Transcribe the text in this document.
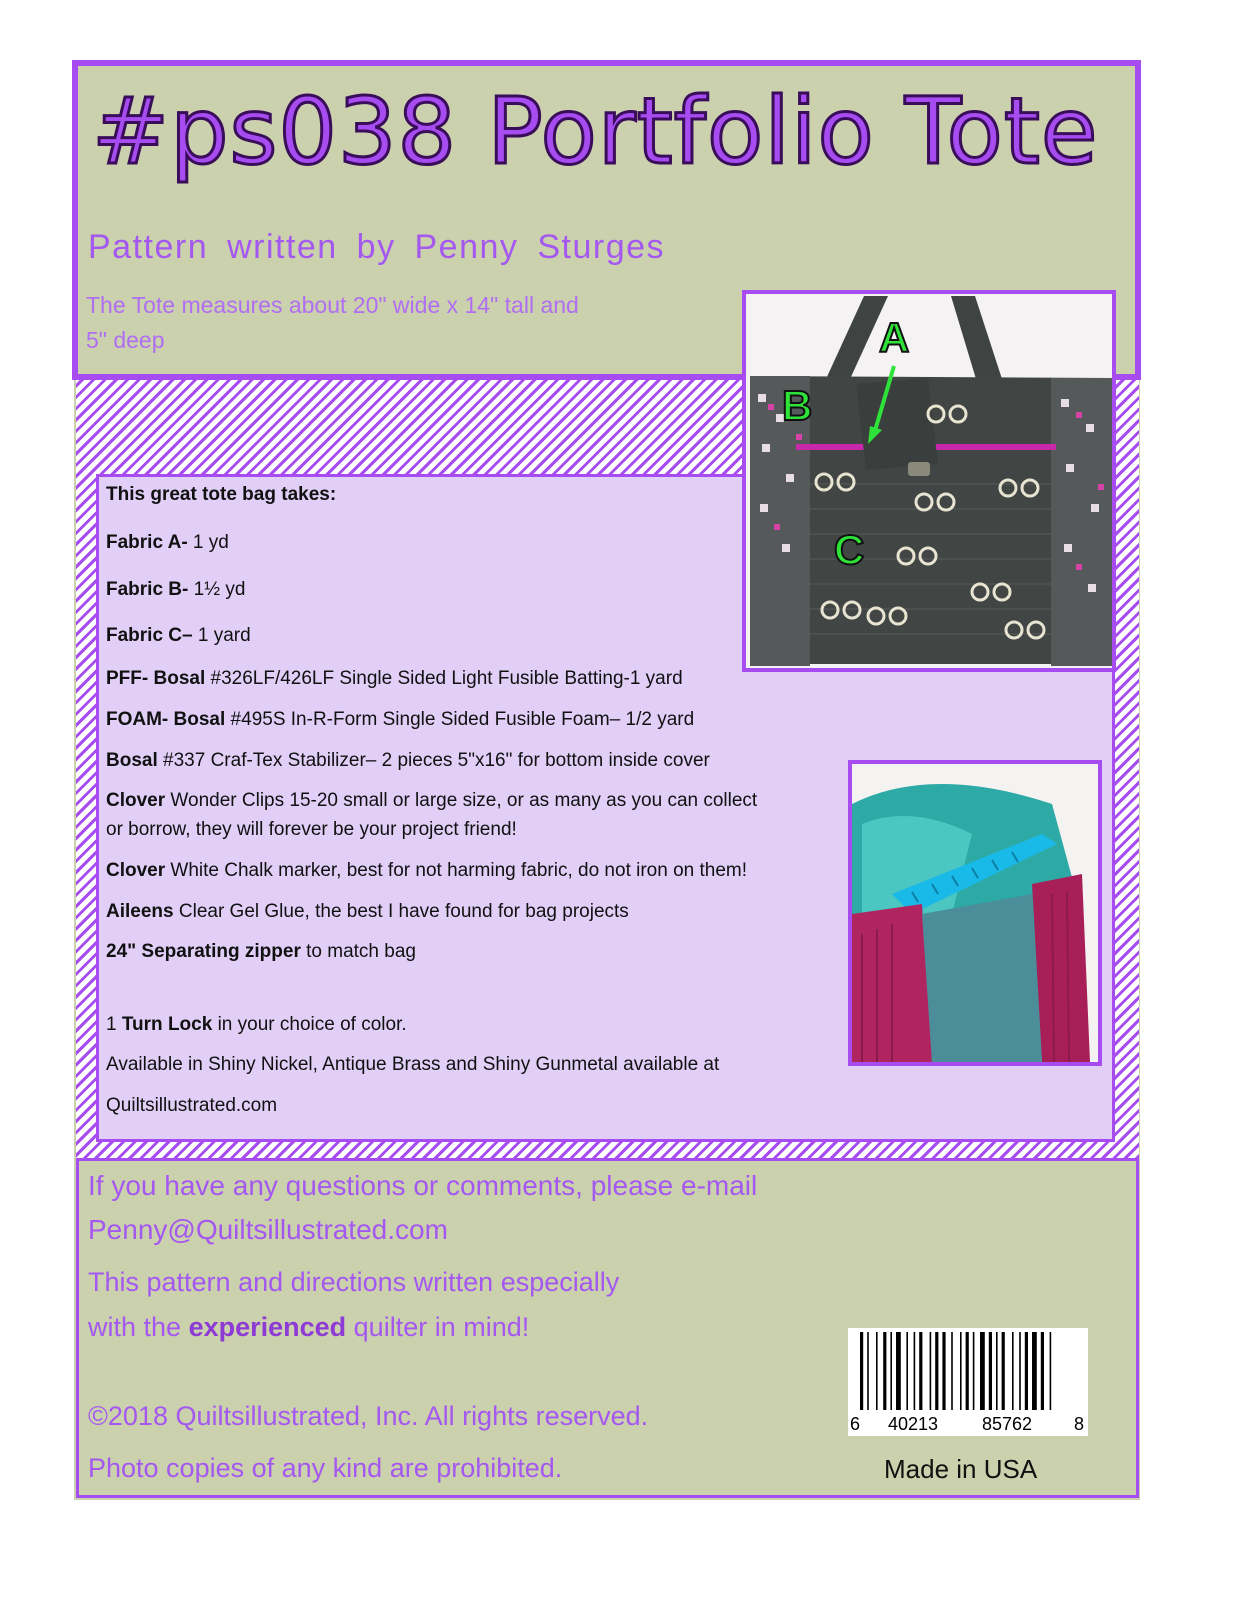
#ps038 Portfolio Tote
Pattern written by Penny Sturges
The Tote measures about 20" wide x 14" tall and
5" deep
This great tote bag takes:
Fabric A- 1 yd
Fabric B- 1½ yd
Fabric C– 1 yard
PFF- Bosal #326LF/426LF Single Sided Light Fusible Batting-1 yard
FOAM- Bosal #495S In-R-Form Single Sided Fusible Foam– 1/2 yard
Bosal #337 Craf-Tex Stabilizer– 2 pieces 5"x16" for bottom inside cover
Clover Wonder Clips 15-20 small or large size, or as many as you can collect
or borrow, they will forever be your project friend!
Clover White Chalk marker, best for not harming fabric, do not iron on them!
Aileens Clear Gel Glue, the best I have found for bag projects
24" Separating zipper to match bag
1 Turn Lock in your choice of color.
Available in Shiny Nickel, Antique Brass and Shiny Gunmetal available at
Quiltsillustrated.com
A
B
C
If you have any questions or comments, please e-mail
Penny@Quiltsillustrated.com
This pattern and directions written especially
with the experienced quilter in mind!
©2018 Quiltsillustrated, Inc. All rights reserved.
Photo copies of any kind are prohibited.
6 40213 85762 8
Made in USA
